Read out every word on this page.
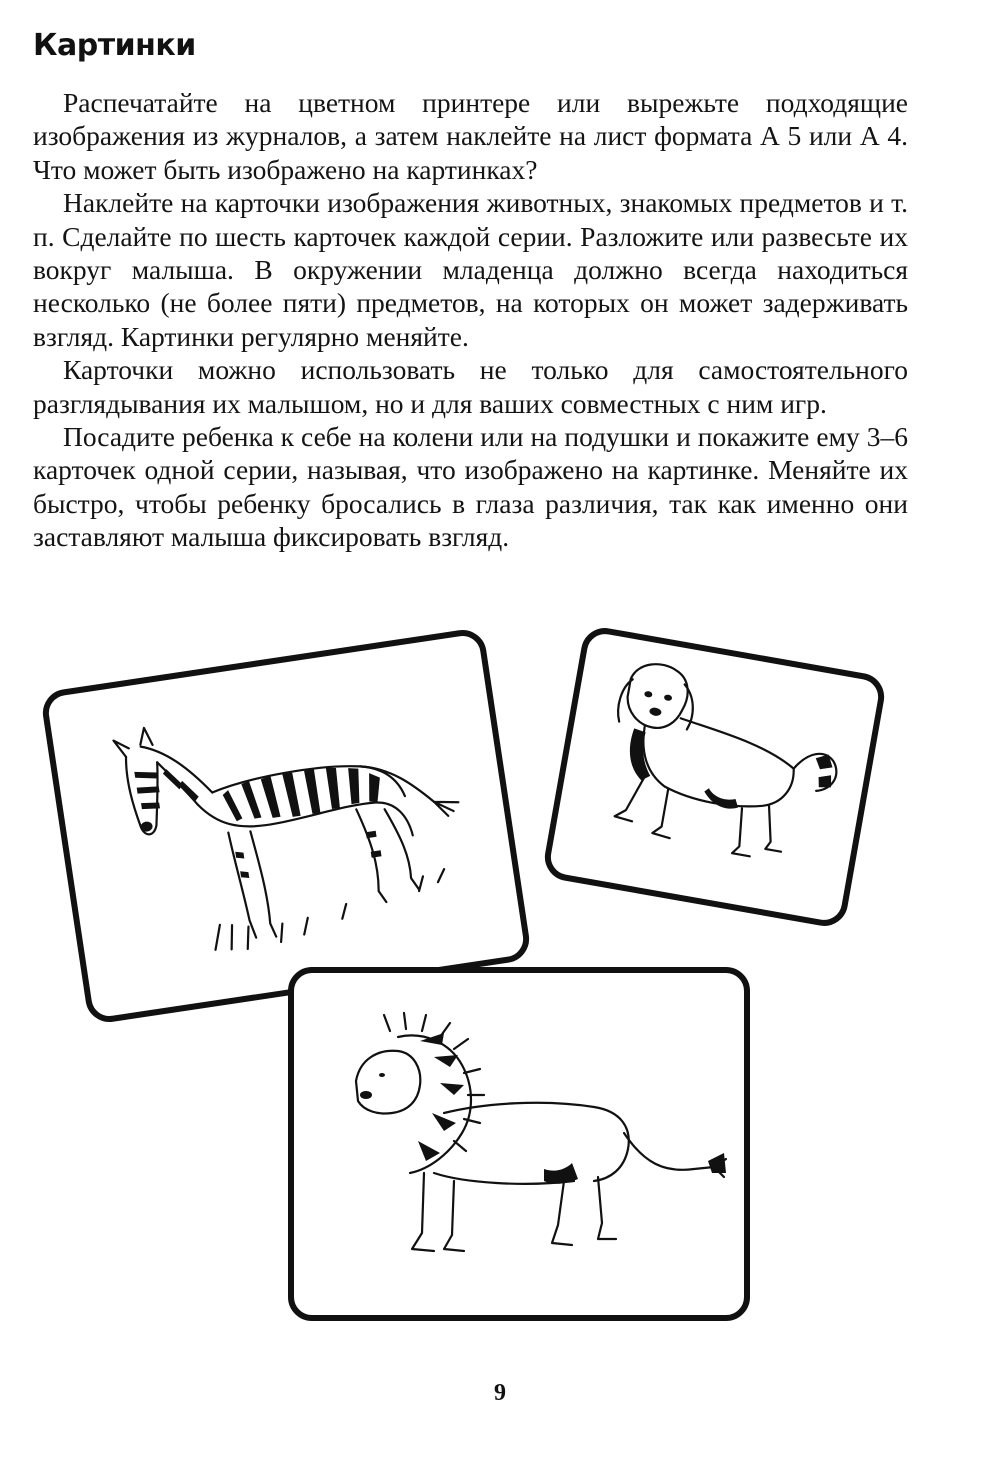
Картинки

Распечатайте на цветном принтере или вырежьте подходящие изображения из журналов, а затем наклейте на лист формата А 5 или А 4. Что может быть изображено на картинках?

Наклейте на карточки изображения животных, знакомых предметов и т. п. Сделайте по шесть карточек каждой серии. Разложите или развесьте их вокруг малыша. В окружении младенца должно всегда находиться несколько (не более пяти) предметов, на которых он может задерживать взгляд. Картинки регулярно меняйте.

Карточки можно использовать не только для самостоятельного разглядывания их малышом, но и для ваших совместных с ним игр.

Посадите ребенка к себе на колени или на подушки и покажите ему 3–6 карточек одной серии, называя, что изображено на картинке. Меняйте их быстро, чтобы ребенку бросались в глаза различия, так как именно они заставляют малыша фиксировать взгляд.

9
